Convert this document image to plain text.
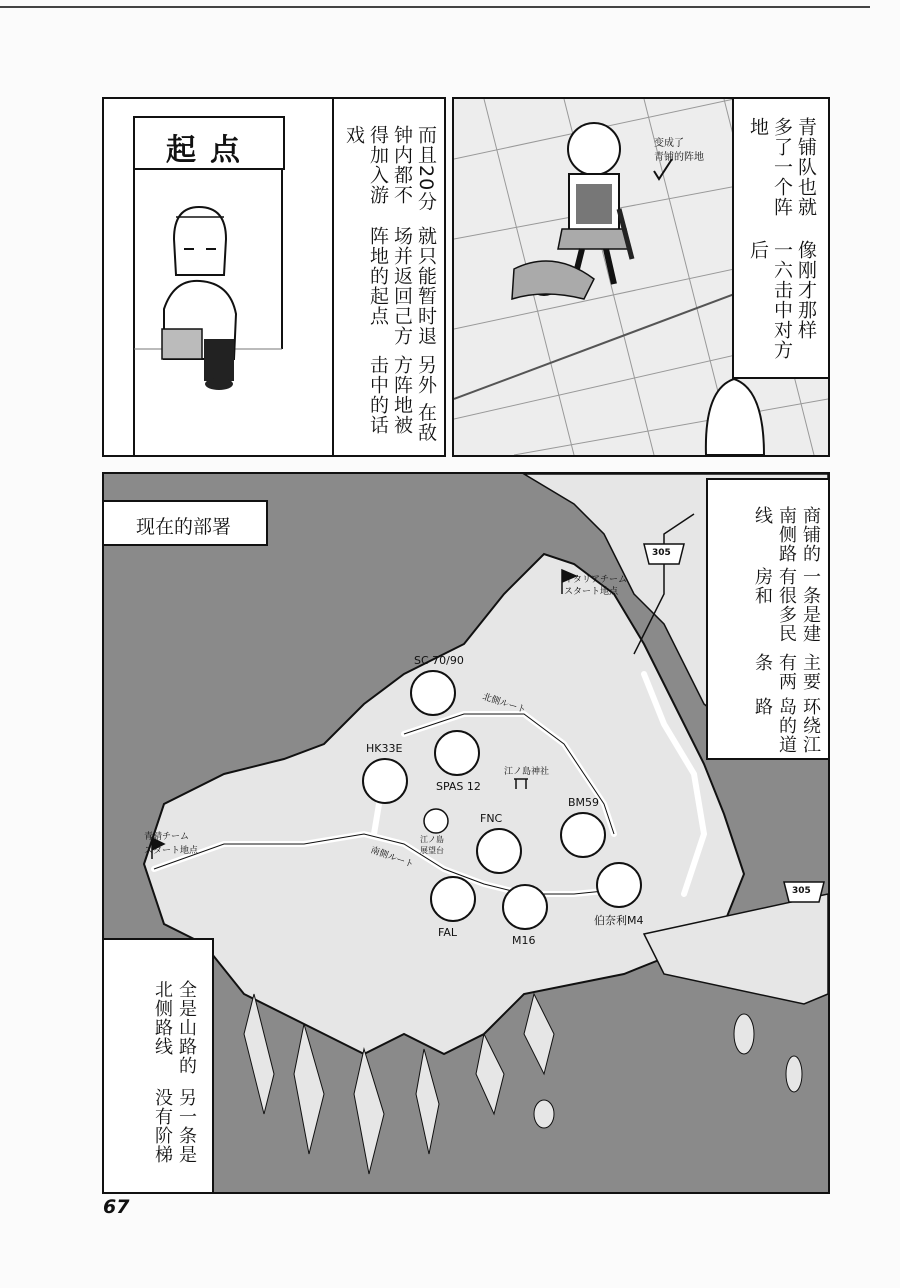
起点
另外 在敌方阵地被击中的话
就只能暂时退场并返回己方阵地的起点
而且20分钟内都不得加入游戏	变成了
青铺的阵地
像刚才那样 一六击中对方后
青铺队也就多了一个阵地
イタリアチーム
スタート地点
青錆チーム
スタート地点
北側ルート
南側ルート
江ノ島神社
江ノ島
展望台
305
305
SC 70/90
HK33E
SPAS 12
FNC
BM59
FAL
M16
伯奈利M4
现在的部署
环绕江岛的道路
主要有两条
一条是建有很多民房和
商铺的南侧路线
另一条是 没有阶梯
全是山路的北侧路线
67
